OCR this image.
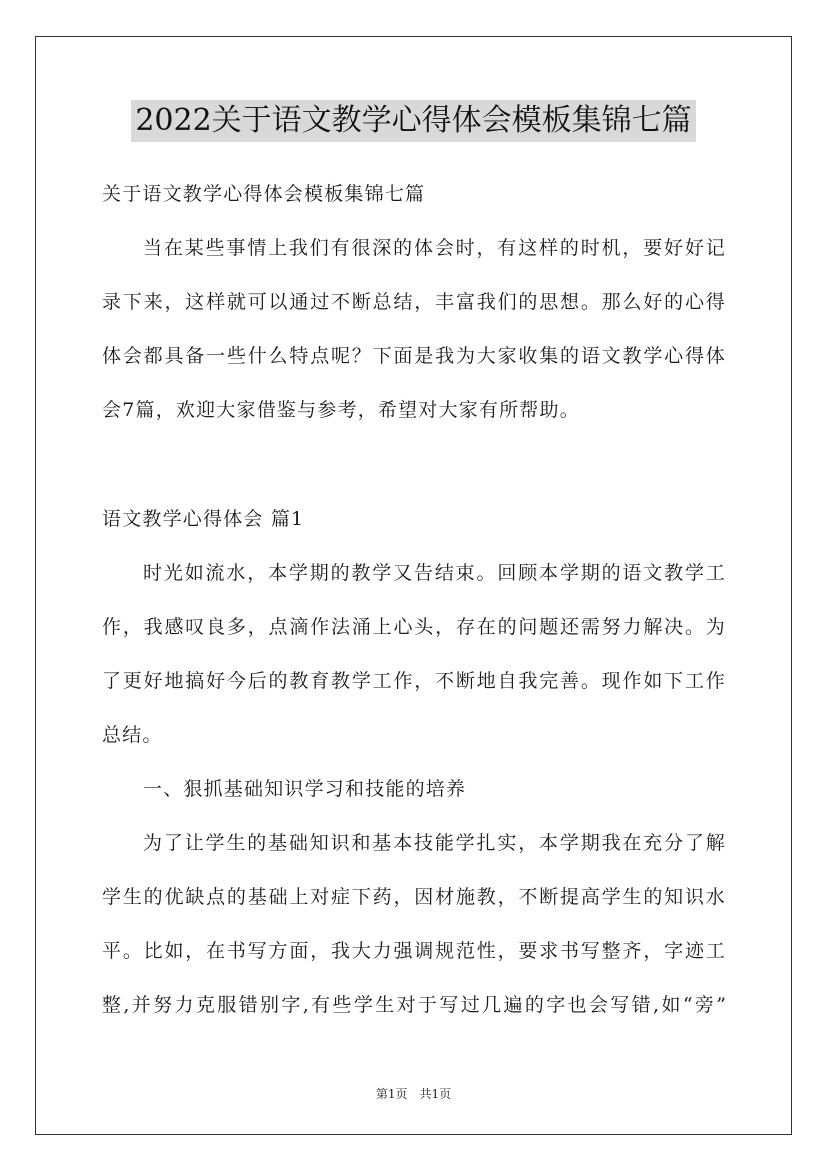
2022关于语文教学心得体会模板集锦七篇
关于语文教学心得体会模板集锦七篇
当在某些事情上我们有很深的体会时，有这样的时机，要好好记
录下来，这样就可以通过不断总结，丰富我们的思想。那么好的心得
体会都具备一些什么特点呢？下面是我为大家收集的语文教学心得体
会7篇，欢迎大家借鉴与参考，希望对大家有所帮助。
语文教学心得体会 篇1
时光如流水，本学期的教学又告结束。回顾本学期的语文教学工
作，我感叹良多，点滴作法涌上心头，存在的问题还需努力解决。为
了更好地搞好今后的教育教学工作，不断地自我完善。现作如下工作
总结。
一、狠抓基础知识学习和技能的培养
为了让学生的基础知识和基本技能学扎实，本学期我在充分了解
学生的优缺点的基础上对症下药，因材施教，不断提高学生的知识水
平。比如，在书写方面，我大力强调规范性，要求书写整齐，字迹工
整,并努力克服错别字,有些学生对于写过几遍的字也会写错,如“旁”
第1页 共1页
